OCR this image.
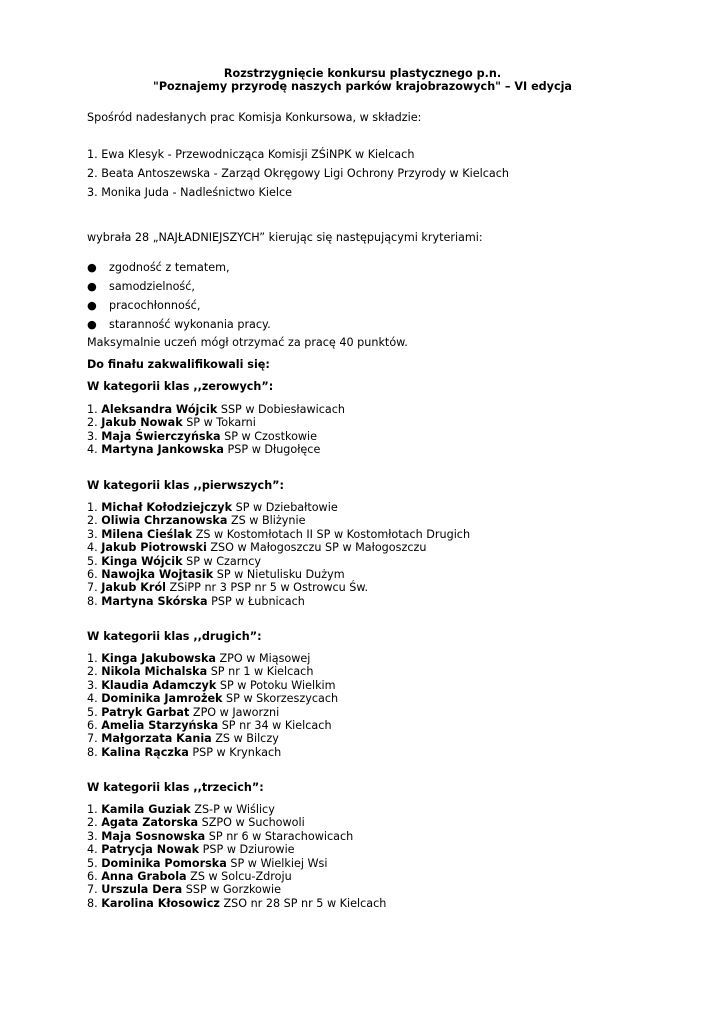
Rozstrzygnięcie konkursu plastycznego p.n.
"Poznajemy przyrodę naszych parków krajobrazowych" – VI edycja
Spośród nadesłanych prac Komisja Konkursowa, w składzie:
1. Ewa Klesyk - Przewodnicząca Komisji ZŚiNPK w Kielcach
2. Beata Antoszewska - Zarząd Okręgowy Ligi Ochrony Przyrody w Kielcach
3. Monika Juda - Nadleśnictwo Kielce
wybrała 28 „NAJŁADNIEJSZYCH” kierując się następującymi kryteriami:
● zgodność z tematem,
● samodzielność,
● pracochłonność,
● staranność wykonania pracy.
Maksymalnie uczeń mógł otrzymać za pracę 40 punktów.
Do finału zakwalifikowali się:
W kategorii klas ,,zerowych”:
1. Aleksandra Wójcik SSP w Dobiesławicach
2. Jakub Nowak SP w Tokarni
3. Maja Świerczyńska SP w Czostkowie
4. Martyna Jankowska PSP w Długołęce
W kategorii klas ,,pierwszych”:
1. Michał Kołodziejczyk SP w Dziebałtowie
2. Oliwia Chrzanowska ZS w Bliżynie
3. Milena Cieślak ZS w Kostomłotach II SP w Kostomłotach Drugich
4. Jakub Piotrowski ZSO w Małogoszczu SP w Małogoszczu
5. Kinga Wójcik SP w Czarncy
6. Nawojka Wojtasik SP w Nietulisku Dużym
7. Jakub Król ZSiPP nr 3 PSP nr 5 w Ostrowcu Św.
8. Martyna Skórska PSP w Łubnicach
W kategorii klas ,,drugich”:
1. Kinga Jakubowska ZPO w Miąsowej
2. Nikola Michalska SP nr 1 w Kielcach
3. Klaudia Adamczyk SP w Potoku Wielkim
4. Dominika Jamrożek SP w Skorzeszycach
5. Patryk Garbat ZPO w Jaworzni
6. Amelia Starzyńska SP nr 34 w Kielcach
7. Małgorzata Kania ZS w Bilczy
8. Kalina Rączka PSP w Krynkach
W kategorii klas ,,trzecich”:
1. Kamila Guziak ZS-P w Wiślicy
2. Agata Zatorska SZPO w Suchowoli
3. Maja Sosnowska SP nr 6 w Starachowicach
4. Patrycja Nowak PSP w Dziurowie
5. Dominika Pomorska SP w Wielkiej Wsi
6. Anna Grabola ZS w Solcu-Zdroju
7. Urszula Dera SSP w Gorzkowie
8. Karolina Kłosowicz ZSO nr 28 SP nr 5 w Kielcach
